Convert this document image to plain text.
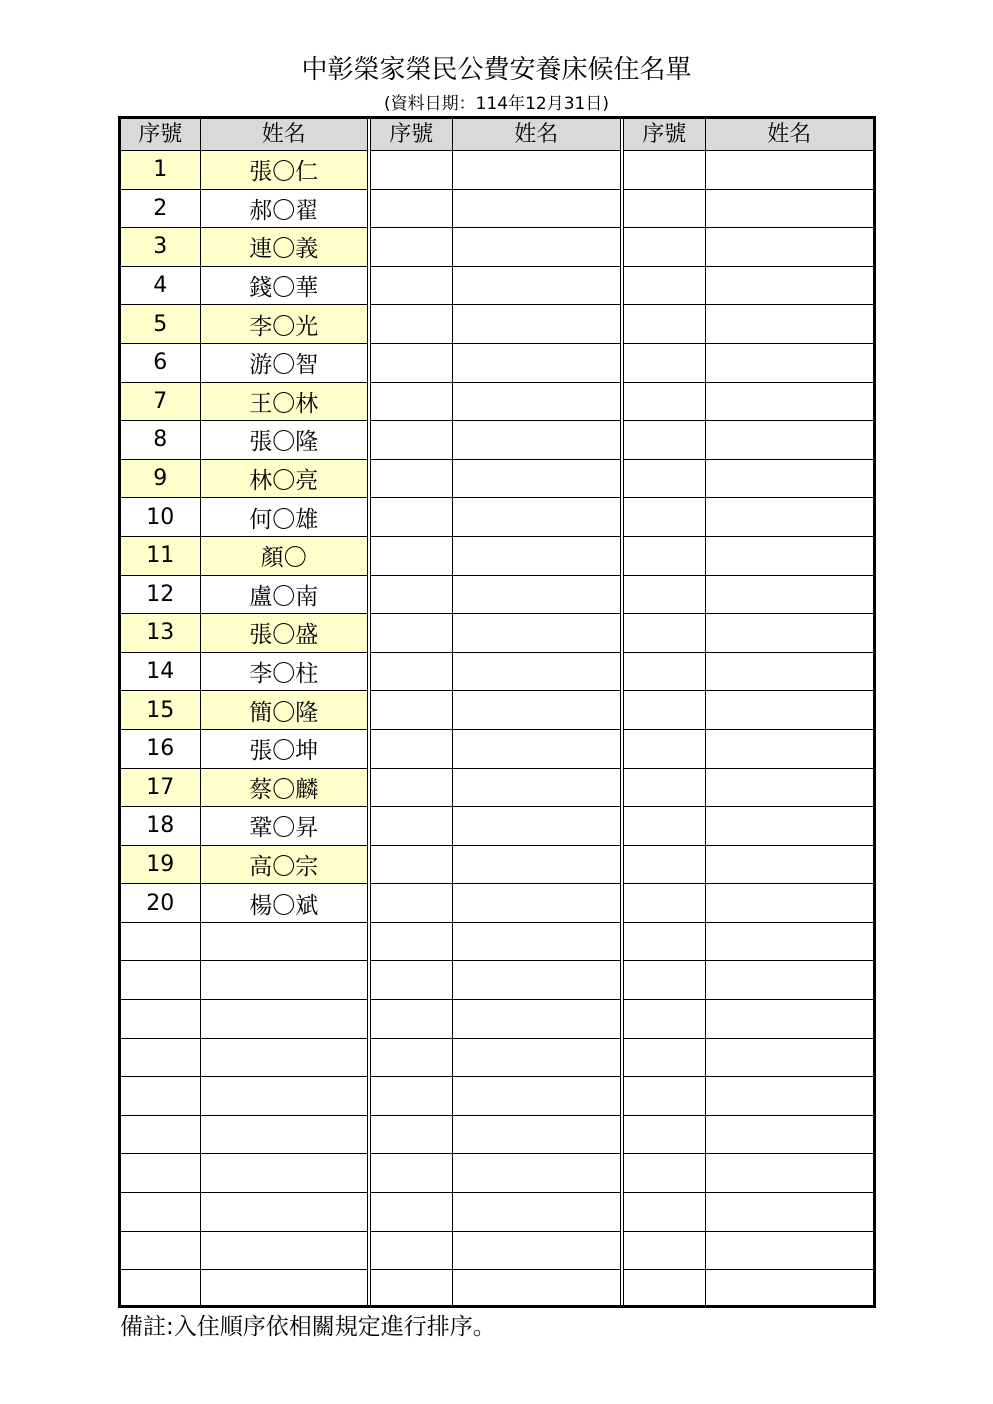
中彰榮家榮民公費安養床候住名單
(資料日期：114年12月31日)
序號	姓名	序號	姓名	序號	姓名
1	張〇仁				
2	郝〇翟				
3	連〇義				
4	錢〇華				
5	李〇光				
6	游〇智				
7	王〇林				
8	張〇隆				
9	林〇亮				
10	何〇雄				
11	顏〇				
12	盧〇南				
13	張〇盛				
14	李〇柱				
15	簡〇隆				
16	張〇坤				
17	蔡〇麟				
18	鞏〇昇				
19	高〇宗				
20	楊〇斌				

備註:入住順序依相關規定進行排序。
